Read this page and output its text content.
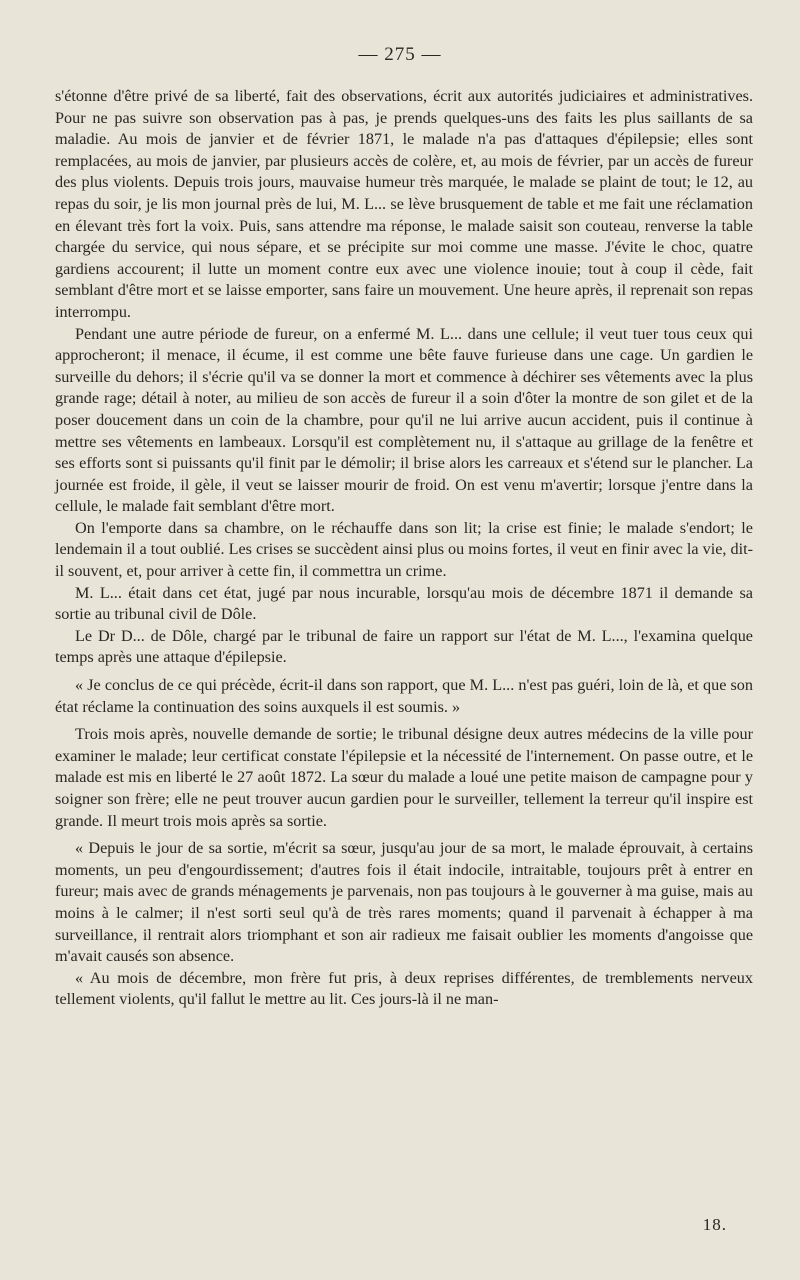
— 275 —

s'étonne d'être privé de sa liberté, fait des observations, écrit aux autorités judiciaires et administratives. Pour ne pas suivre son observation pas à pas, je prends quelques-uns des faits les plus saillants de sa maladie. Au mois de janvier et de février 1871, le malade n'a pas d'attaques d'épilepsie; elles sont remplacées, au mois de janvier, par plusieurs accès de colère, et, au mois de février, par un accès de fureur des plus violents. Depuis trois jours, mauvaise humeur très marquée, le malade se plaint de tout; le 12, au repas du soir, je lis mon journal près de lui, M. L... se lève brusquement de table et me fait une réclamation en élevant très fort la voix. Puis, sans attendre ma réponse, le malade saisit son couteau, renverse la table chargée du service, qui nous sépare, et se précipite sur moi comme une masse. J'évite le choc, quatre gardiens accourent; il lutte un moment contre eux avec une violence inouie; tout à coup il cède, fait semblant d'être mort et se laisse emporter, sans faire un mouvement. Une heure après, il reprenait son repas interrompu.

Pendant une autre période de fureur, on a enfermé M. L... dans une cellule; il veut tuer tous ceux qui approcheront; il menace, il écume, il est comme une bête fauve furieuse dans une cage. Un gardien le surveille du dehors; il s'écrie qu'il va se donner la mort et commence à déchirer ses vêtements avec la plus grande rage; détail à noter, au milieu de son accès de fureur il a soin d'ôter la montre de son gilet et de la poser doucement dans un coin de la chambre, pour qu'il ne lui arrive aucun accident, puis il continue à mettre ses vêtements en lambeaux. Lorsqu'il est complètement nu, il s'attaque au grillage de la fenêtre et ses efforts sont si puissants qu'il finit par le démolir; il brise alors les carreaux et s'étend sur le plancher. La journée est froide, il gèle, il veut se laisser mourir de froid. On est venu m'avertir; lorsque j'entre dans la cellule, le malade fait semblant d'être mort.

On l'emporte dans sa chambre, on le réchauffe dans son lit; la crise est finie; le malade s'endort; le lendemain il a tout oublié. Les crises se succèdent ainsi plus ou moins fortes, il veut en finir avec la vie, dit-il souvent, et, pour arriver à cette fin, il commettra un crime.

M. L... était dans cet état, jugé par nous incurable, lorsqu'au mois de décembre 1871 il demande sa sortie au tribunal civil de Dôle.

Le Dr D... de Dôle, chargé par le tribunal de faire un rapport sur l'état de M. L..., l'examina quelque temps après une attaque d'épilepsie.

« Je conclus de ce qui précède, écrit-il dans son rapport, que M. L... n'est pas guéri, loin de là, et que son état réclame la continuation des soins auxquels il est soumis. »

Trois mois après, nouvelle demande de sortie; le tribunal désigne deux autres médecins de la ville pour examiner le malade; leur certificat constate l'épilepsie et la nécessité de l'internement. On passe outre, et le malade est mis en liberté le 27 août 1872. La sœur du malade a loué une petite maison de campagne pour y soigner son frère; elle ne peut trouver aucun gardien pour le surveiller, tellement la terreur qu'il inspire est grande. Il meurt trois mois après sa sortie.

« Depuis le jour de sa sortie, m'écrit sa sœur, jusqu'au jour de sa mort, le malade éprouvait, à certains moments, un peu d'engourdissement; d'autres fois il était indocile, intraitable, toujours prêt à entrer en fureur; mais avec de grands ménagements je parvenais, non pas toujours à le gouverner à ma guise, mais au moins à le calmer; il n'est sorti seul qu'à de très rares moments; quand il parvenait à échapper à ma surveillance, il rentrait alors triomphant et son air radieux me faisait oublier les moments d'angoisse que m'avait causés son absence.

« Au mois de décembre, mon frère fut pris, à deux reprises différentes, de tremblements nerveux tellement violents, qu'il fallut le mettre au lit. Ces jours-là il ne man-

18.
